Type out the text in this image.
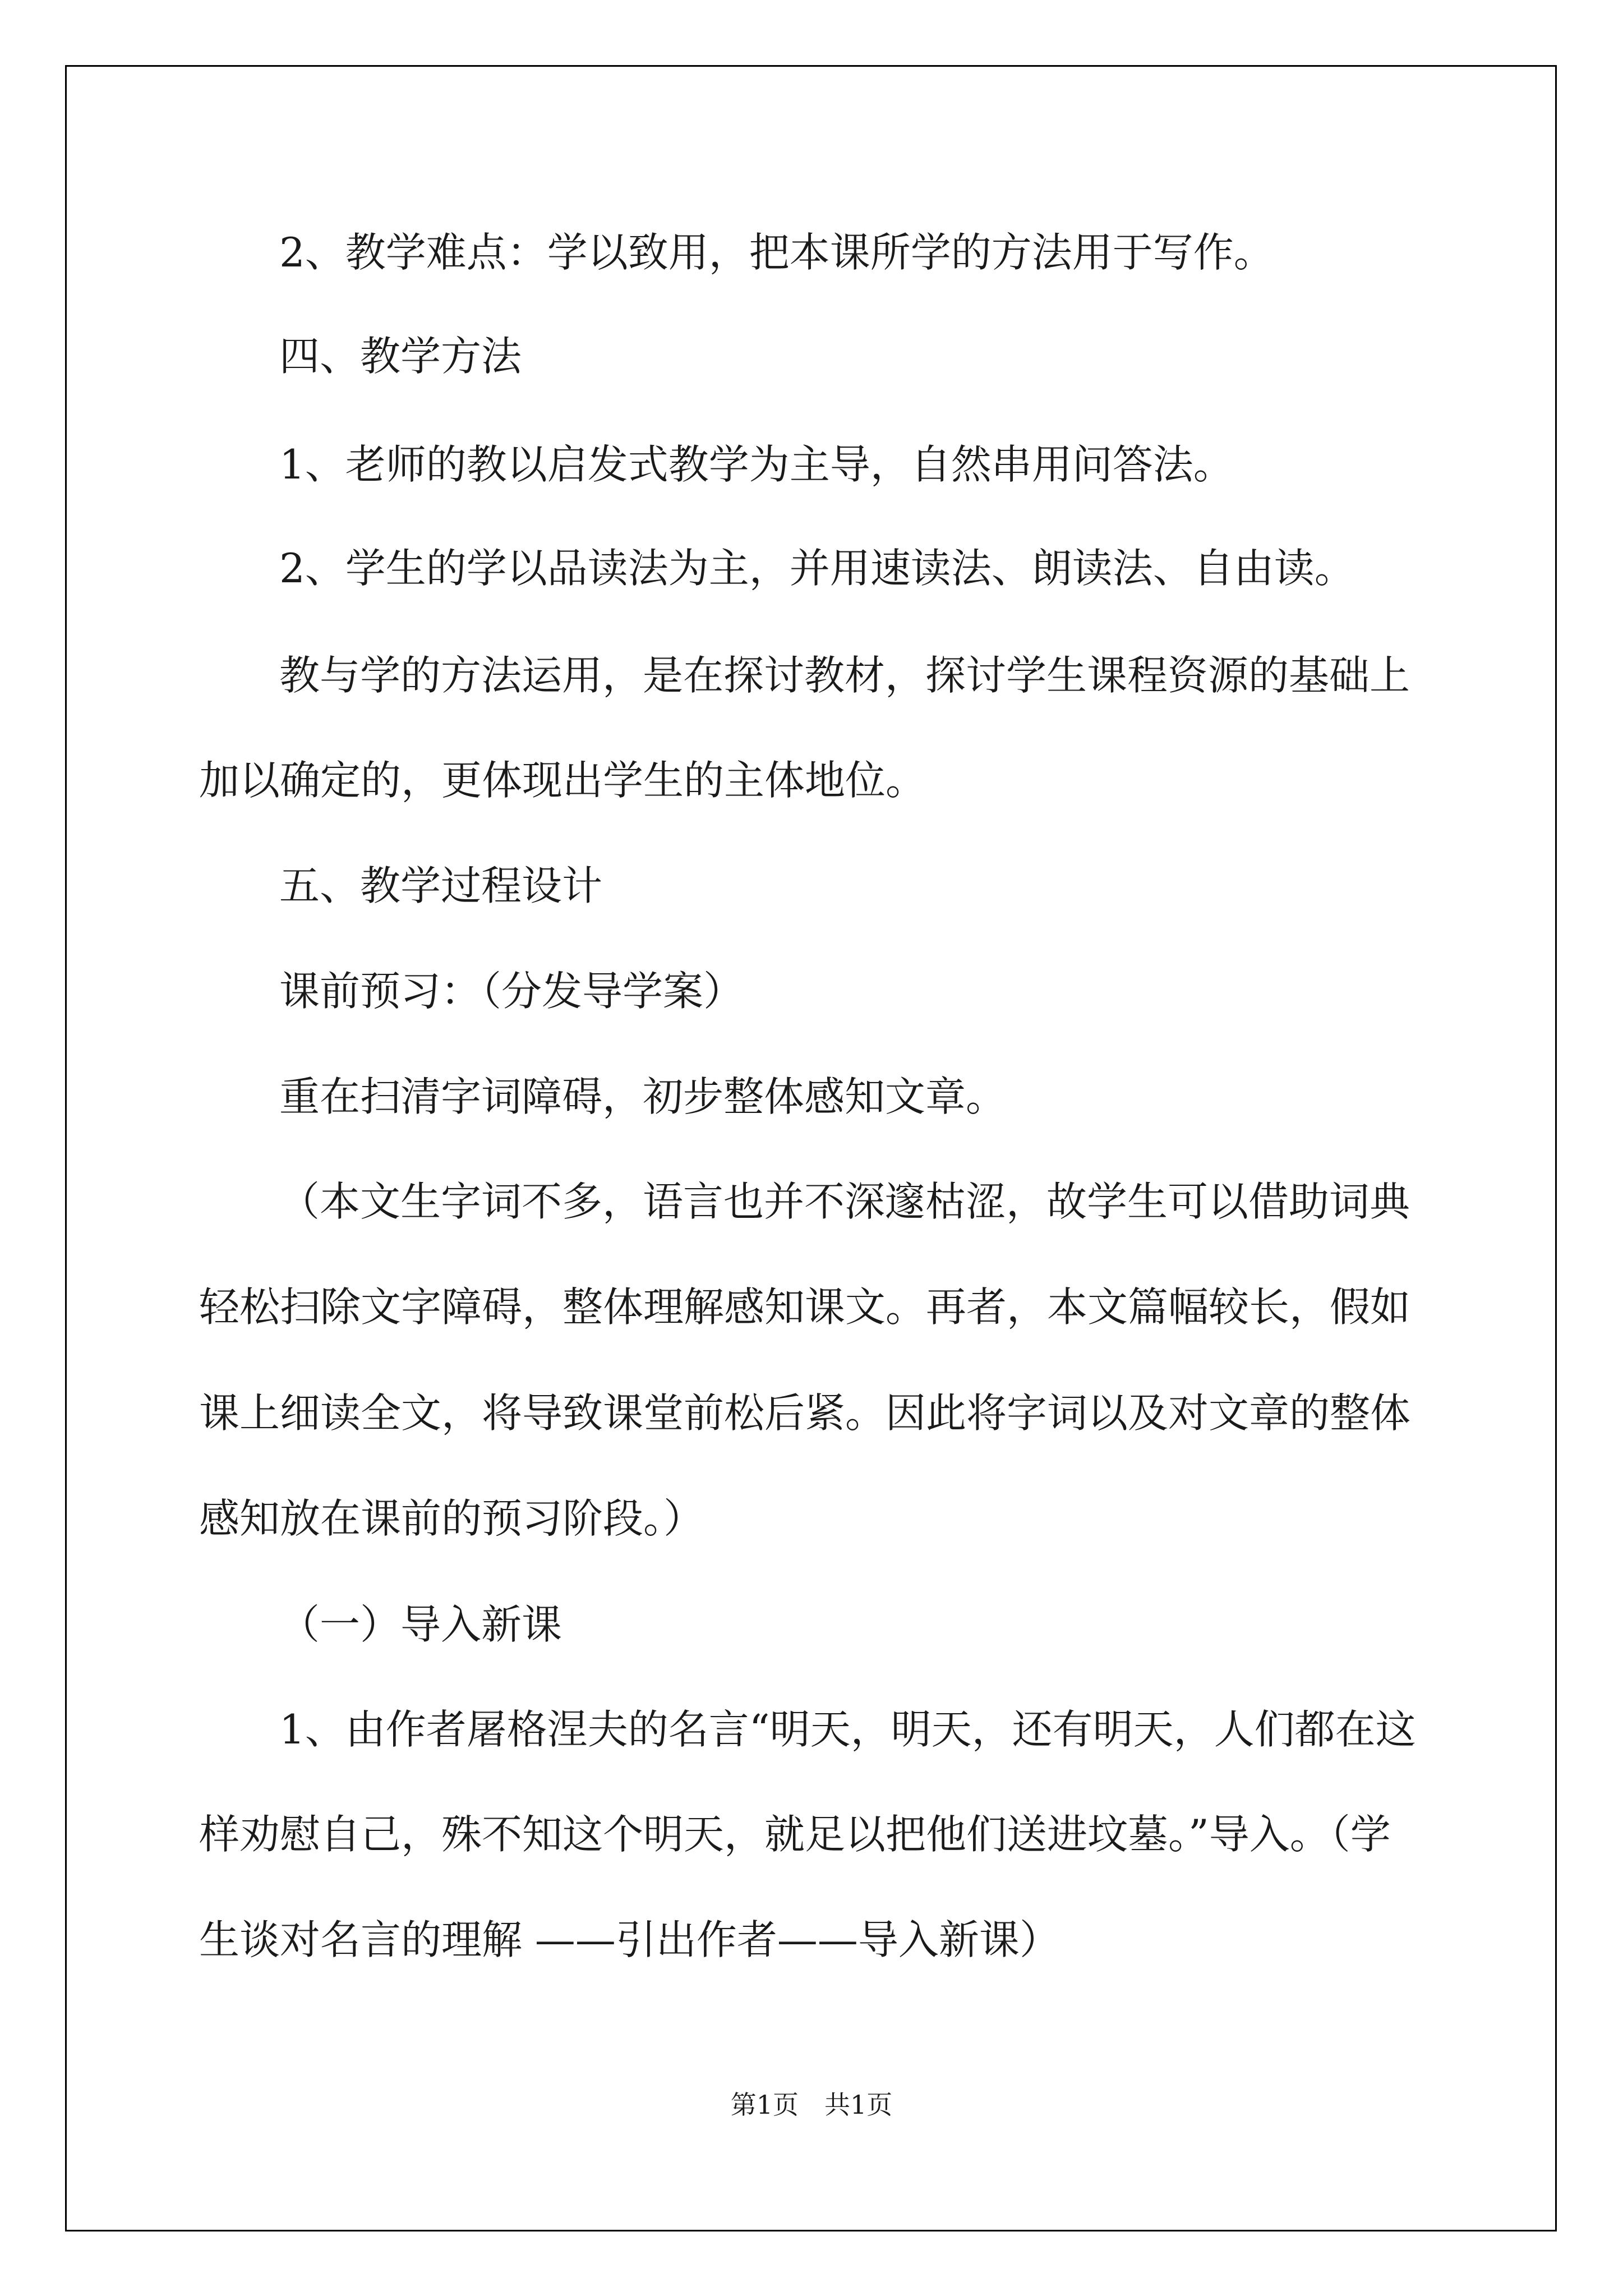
2、教学难点：学以致用，把本课所学的方法用于写作。

四、教学方法

1、老师的教以启发式教学为主导，自然串用问答法。

2、学生的学以品读法为主，并用速读法、朗读法、自由读。

教与学的方法运用，是在探讨教材，探讨学生课程资源的基础上

加以确定的，更体现出学生的主体地位。

五、教学过程设计

课前预习：（分发导学案）

重在扫清字词障碍，初步整体感知文章。

（本文生字词不多，语言也并不深邃枯涩，故学生可以借助词典

轻松扫除文字障碍，整体理解感知课文。再者，本文篇幅较长，假如

课上细读全文，将导致课堂前松后紧。因此将字词以及对文章的整体

感知放在课前的预习阶段。）

（一）导入新课

1、由作者屠格涅夫的名言“明天，明天，还有明天，人们都在这

样劝慰自己，殊不知这个明天，就足以把他们送进坟墓。”导入。（学

生谈对名言的理解 ——引出作者——导入新课）

第1页　共1页
